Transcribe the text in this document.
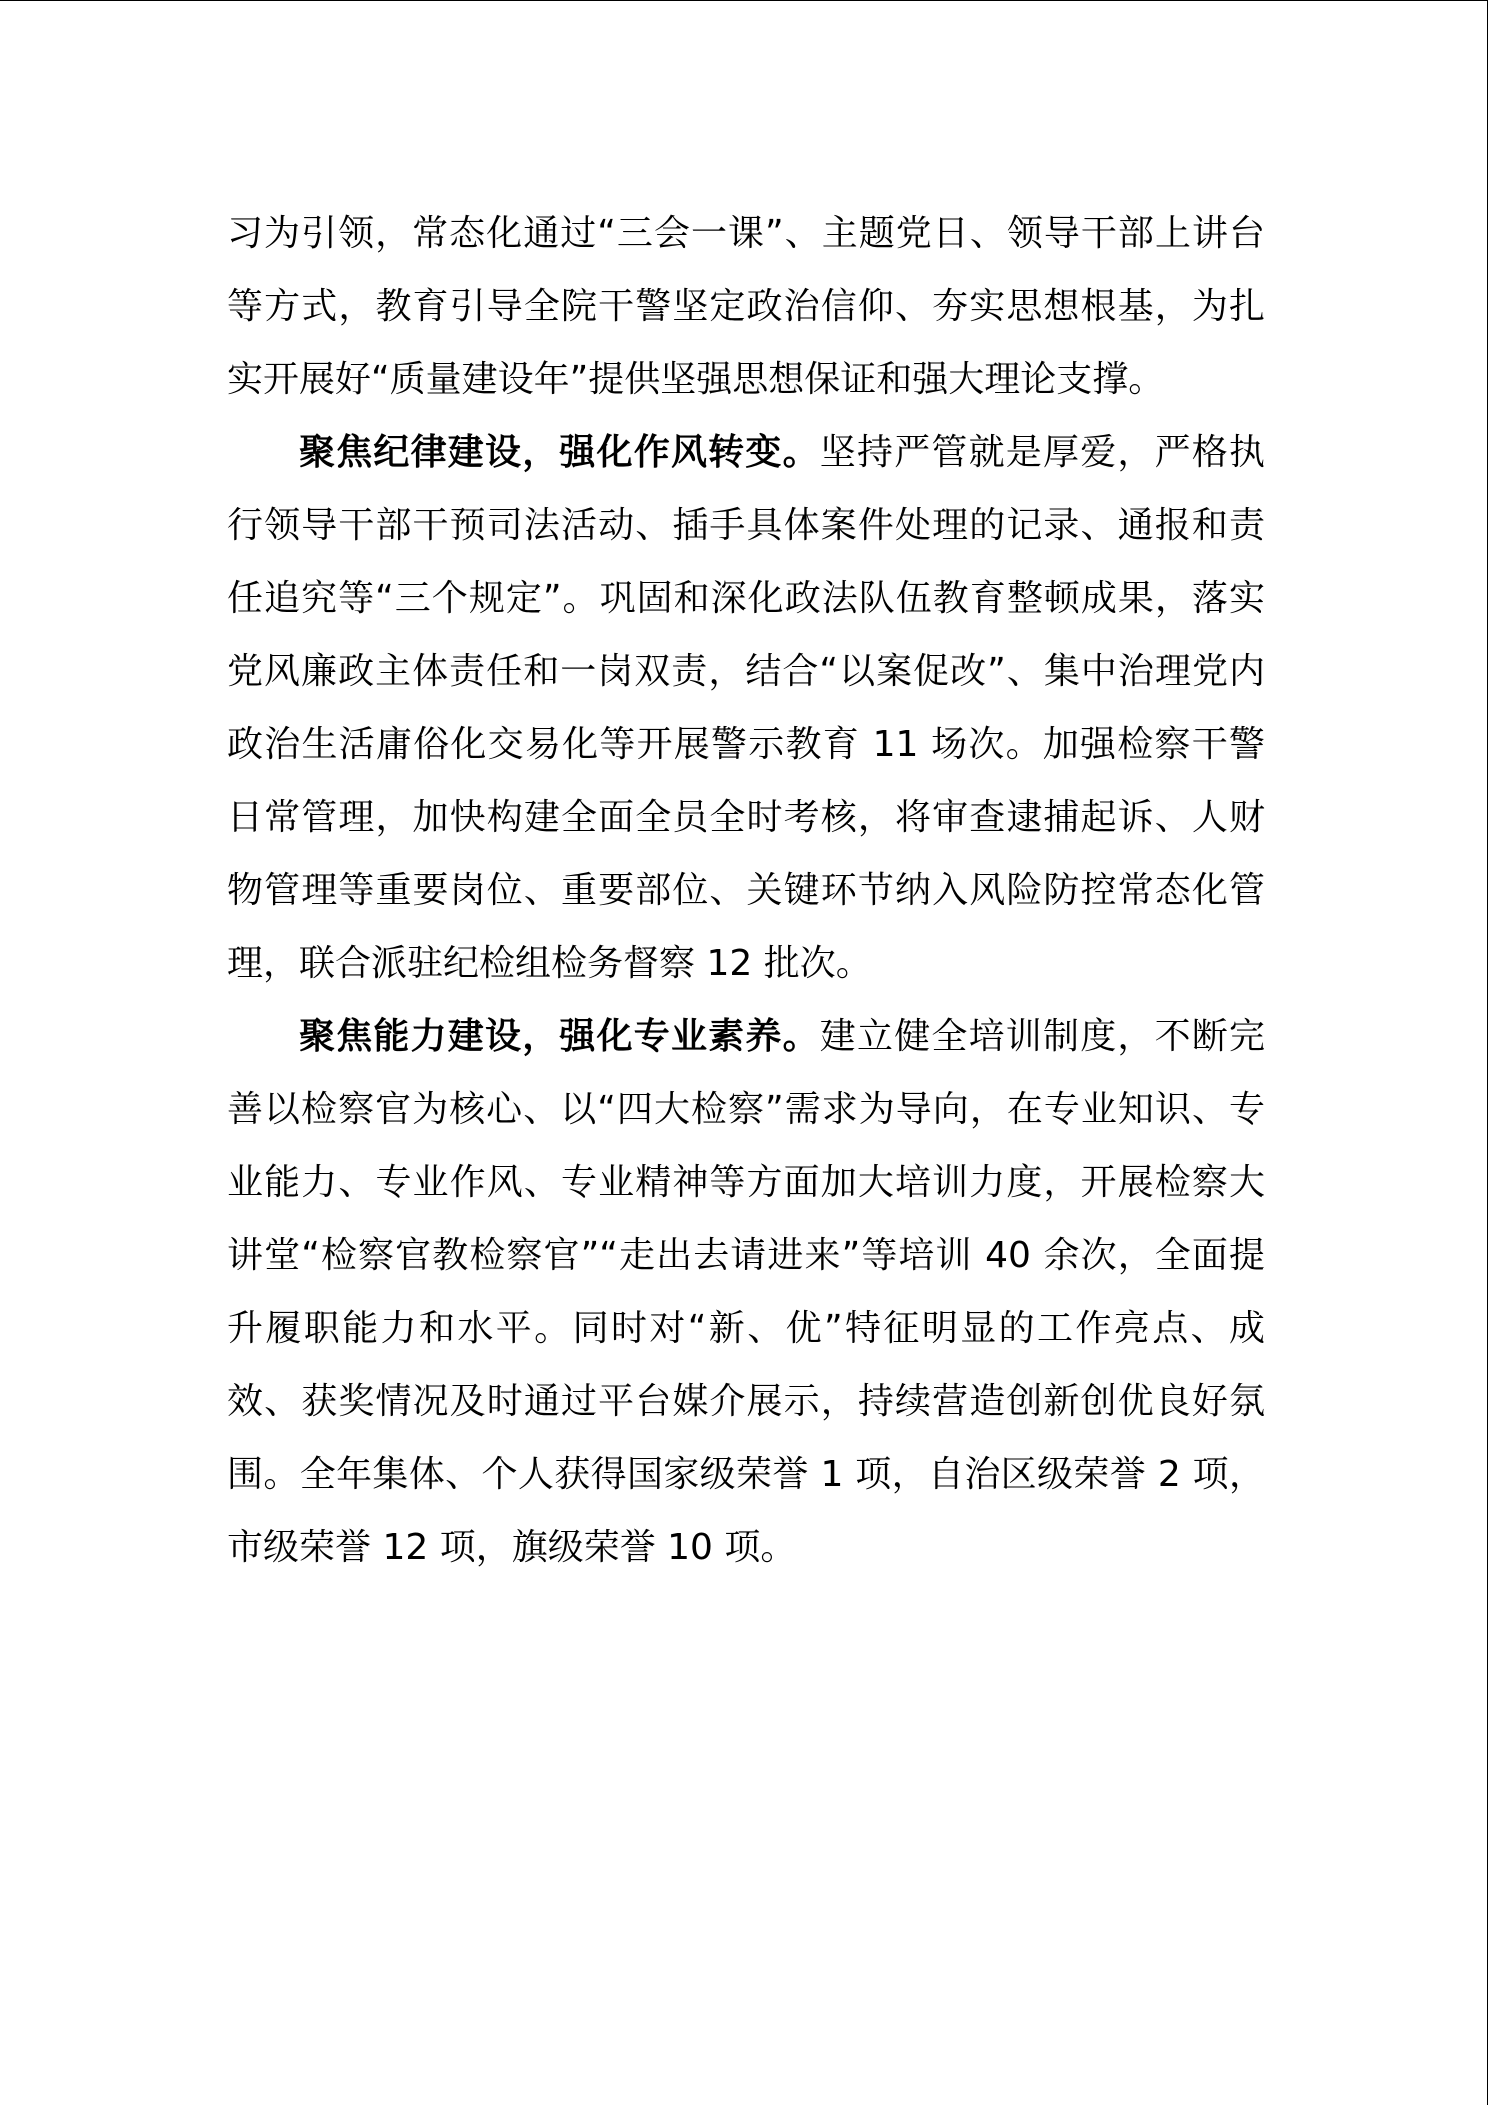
习为引领，常态化通过“三会一课”、主题党日、领导干部上讲台等方式，教育引导全院干警坚定政治信仰、夯实思想根基，为扎实开展好“质量建设年”提供坚强思想保证和强大理论支撑。

聚焦纪律建设，强化作风转变。坚持严管就是厚爱，严格执行领导干部干预司法活动、插手具体案件处理的记录、通报和责任追究等“三个规定”。巩固和深化政法队伍教育整顿成果，落实党风廉政主体责任和一岗双责，结合“以案促改”、集中治理党内政治生活庸俗化交易化等开展警示教育 11 场次。加强检察干警日常管理，加快构建全面全员全时考核，将审查逮捕起诉、人财物管理等重要岗位、重要部位、关键环节纳入风险防控常态化管理，联合派驻纪检组检务督察 12 批次。

聚焦能力建设，强化专业素养。建立健全培训制度，不断完善以检察官为核心、以“四大检察”需求为导向，在专业知识、专业能力、专业作风、专业精神等方面加大培训力度，开展检察大讲堂“检察官教检察官”“走出去请进来”等培训 40 余次，全面提升履职能力和水平。同时对“新、优”特征明显的工作亮点、成效、获奖情况及时通过平台媒介展示，持续营造创新创优良好氛围。全年集体、个人获得国家级荣誉 1 项，自治区级荣誉 2 项，市级荣誉 12 项，旗级荣誉 10 项。
